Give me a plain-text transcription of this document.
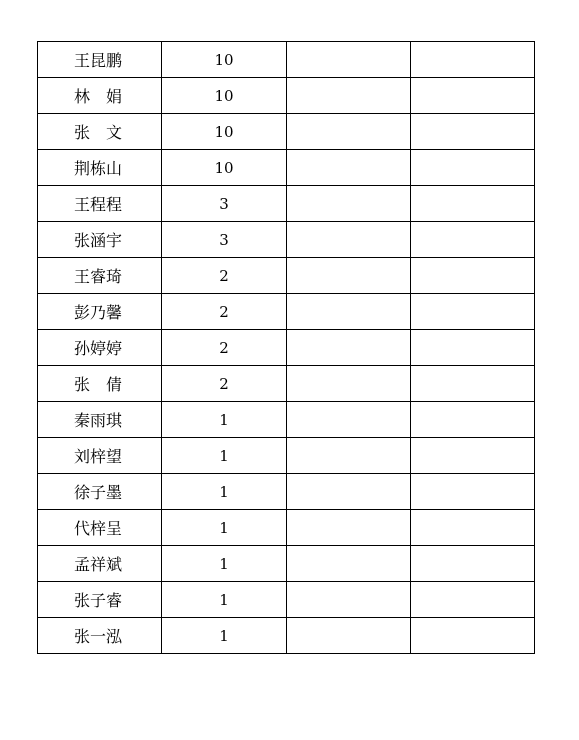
王昆鹏	10		
林　娟	10		
张　文	10		
荆栋山	10		
王程程	3		
张涵宇	3		
王睿琦	2		
彭乃馨	2		
孙婷婷	2		
张　倩	2		
秦雨琪	1		
刘梓望	1		
徐子墨	1		
代梓呈	1		
孟祥斌	1		
张子睿	1		
张一泓	1		
